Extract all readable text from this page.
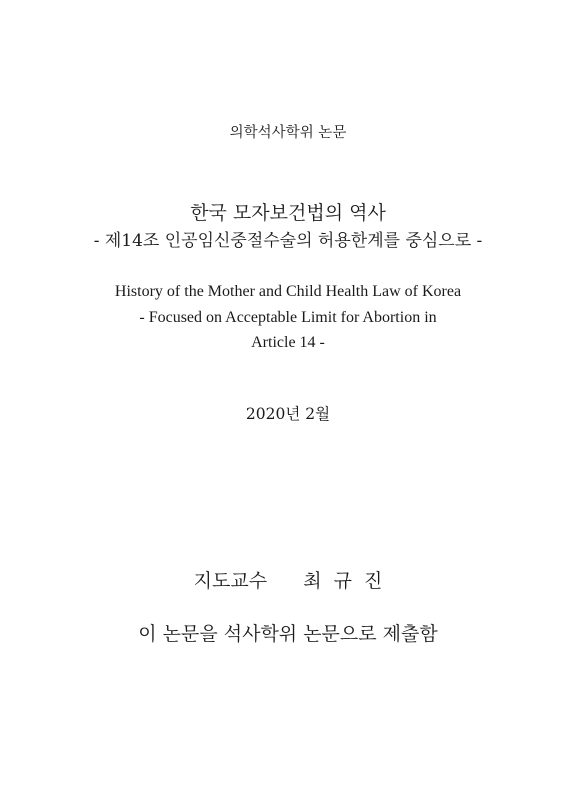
의학석사학위 논문
한국 모자보건법의 역사
- 제14조 인공임신중절수술의 허용한계를 중심으로 -
History of the Mother and Child Health Law of Korea
- Focused on Acceptable Limit for Abortion in
Article 14 -
2020년 2월
지도교수   최 규 진
이 논문을 석사학위 논문으로 제출함
